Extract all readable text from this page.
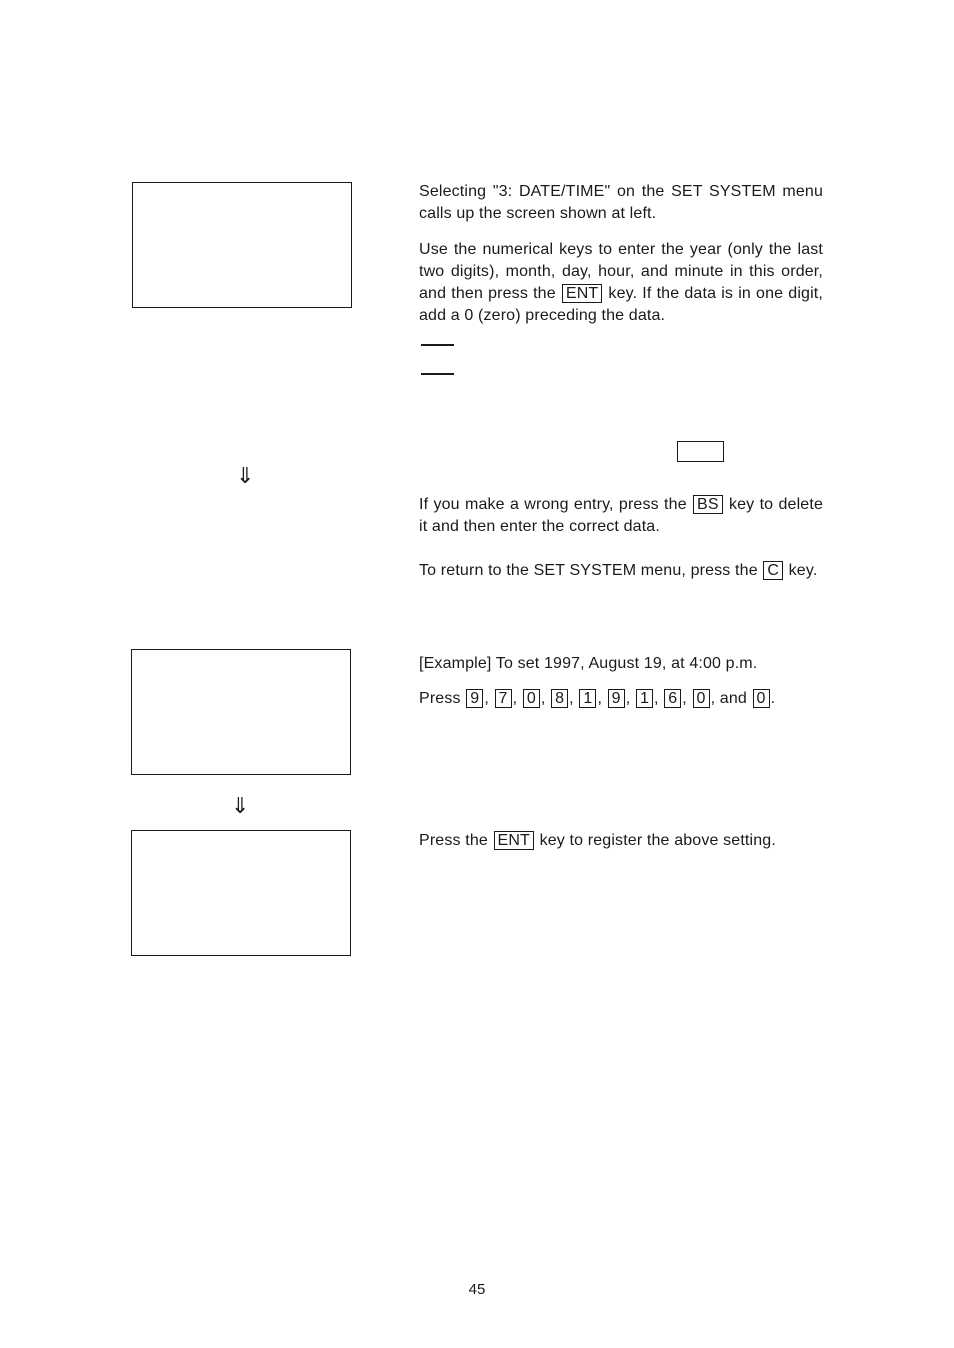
⇓
⇓
Selecting "3: DATE/TIME" on the SET SYSTEM menu calls up the screen shown at left.
Use the numerical keys to enter the year (only the last two digits), month, day, hour, and minute in this order, and then press the ENT key. If the data is in one digit, add a 0 (zero) preceding the data.
If you make a wrong entry, press the BS key to delete it and then enter the correct data.
To return to the SET SYSTEM menu, press the C key.
[Example] To set 1997, August 19, at 4:00 p.m.
Press 9 , 7 , 0 , 8 , 1 , 9 , 1 , 6 , 0 , and 0 .
Press the ENT key to register the above setting.
45
